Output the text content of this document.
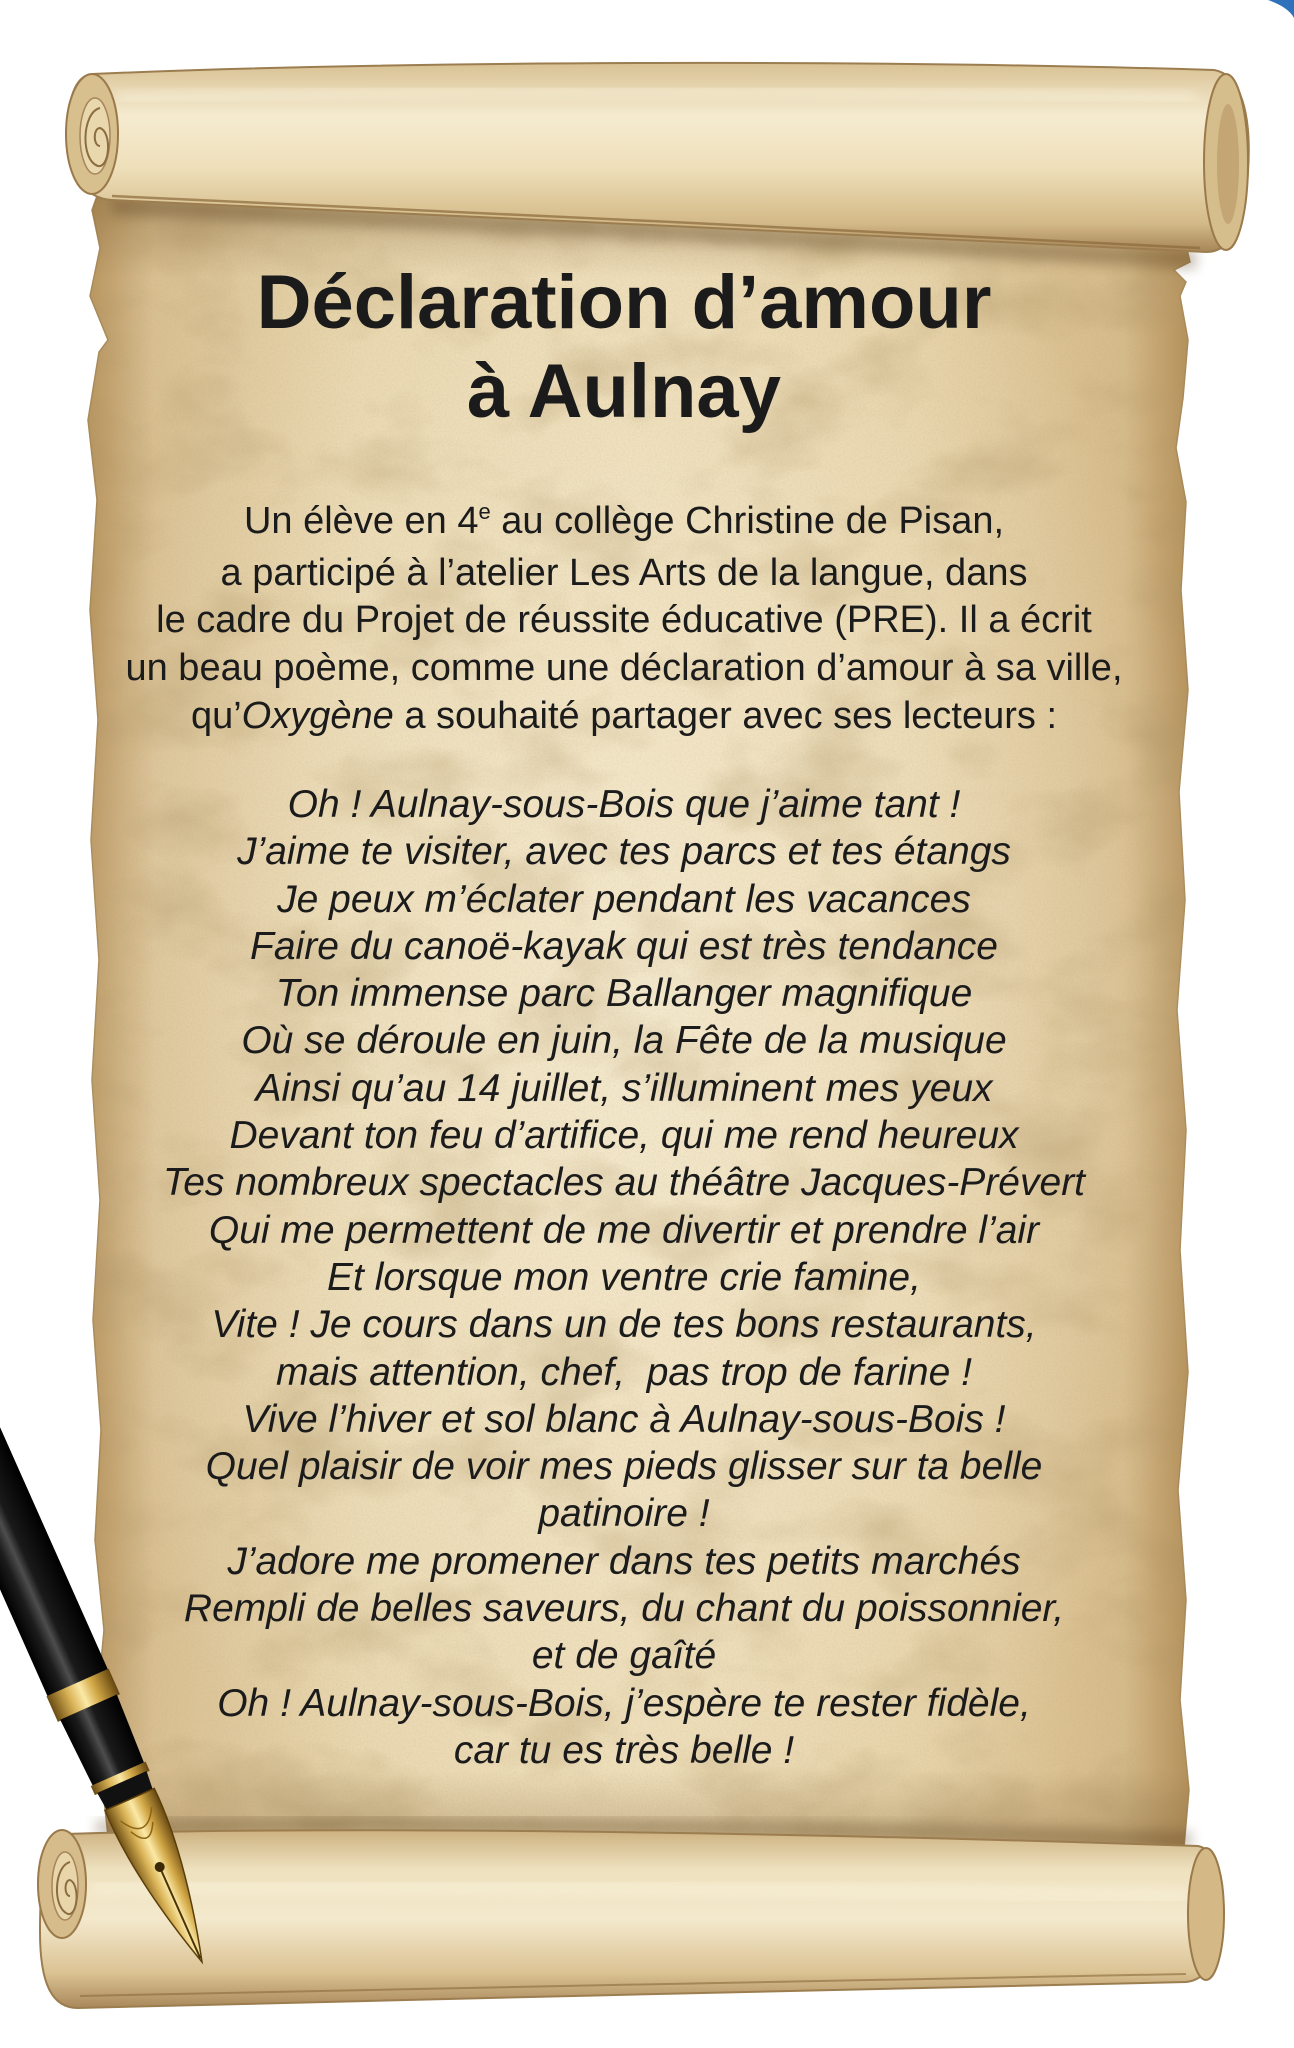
Déclaration d’amour
à Aulnay
Un élève en 4e au collège Christine de Pisan,
a participé à l’atelier Les Arts de la langue, dans
le cadre du Projet de réussite éducative (PRE). Il a écrit
un beau poème, comme une déclaration d’amour à sa ville,
qu’Oxygène a souhaité partager avec ses lecteurs :
Oh ! Aulnay-sous-Bois que j’aime tant !
J’aime te visiter, avec tes parcs et tes étangs
Je peux m’éclater pendant les vacances
Faire du canoë-kayak qui est très tendance
Ton immense parc Ballanger magnifique
Où se déroule en juin, la Fête de la musique
Ainsi qu’au 14 juillet, s’illuminent mes yeux
Devant ton feu d’artifice, qui me rend heureux
Tes nombreux spectacles au théâtre Jacques-Prévert
Qui me permettent de me divertir et prendre l’air
Et lorsque mon ventre crie famine,
Vite ! Je cours dans un de tes bons restaurants,
mais attention, chef,  pas trop de farine !
Vive l’hiver et sol blanc à Aulnay-sous-Bois !
Quel plaisir de voir mes pieds glisser sur ta belle
patinoire !
J’adore me promener dans tes petits marchés
Rempli de belles saveurs, du chant du poissonnier,
et de gaîté
Oh ! Aulnay-sous-Bois, j’espère te rester fidèle,
car tu es très belle !
